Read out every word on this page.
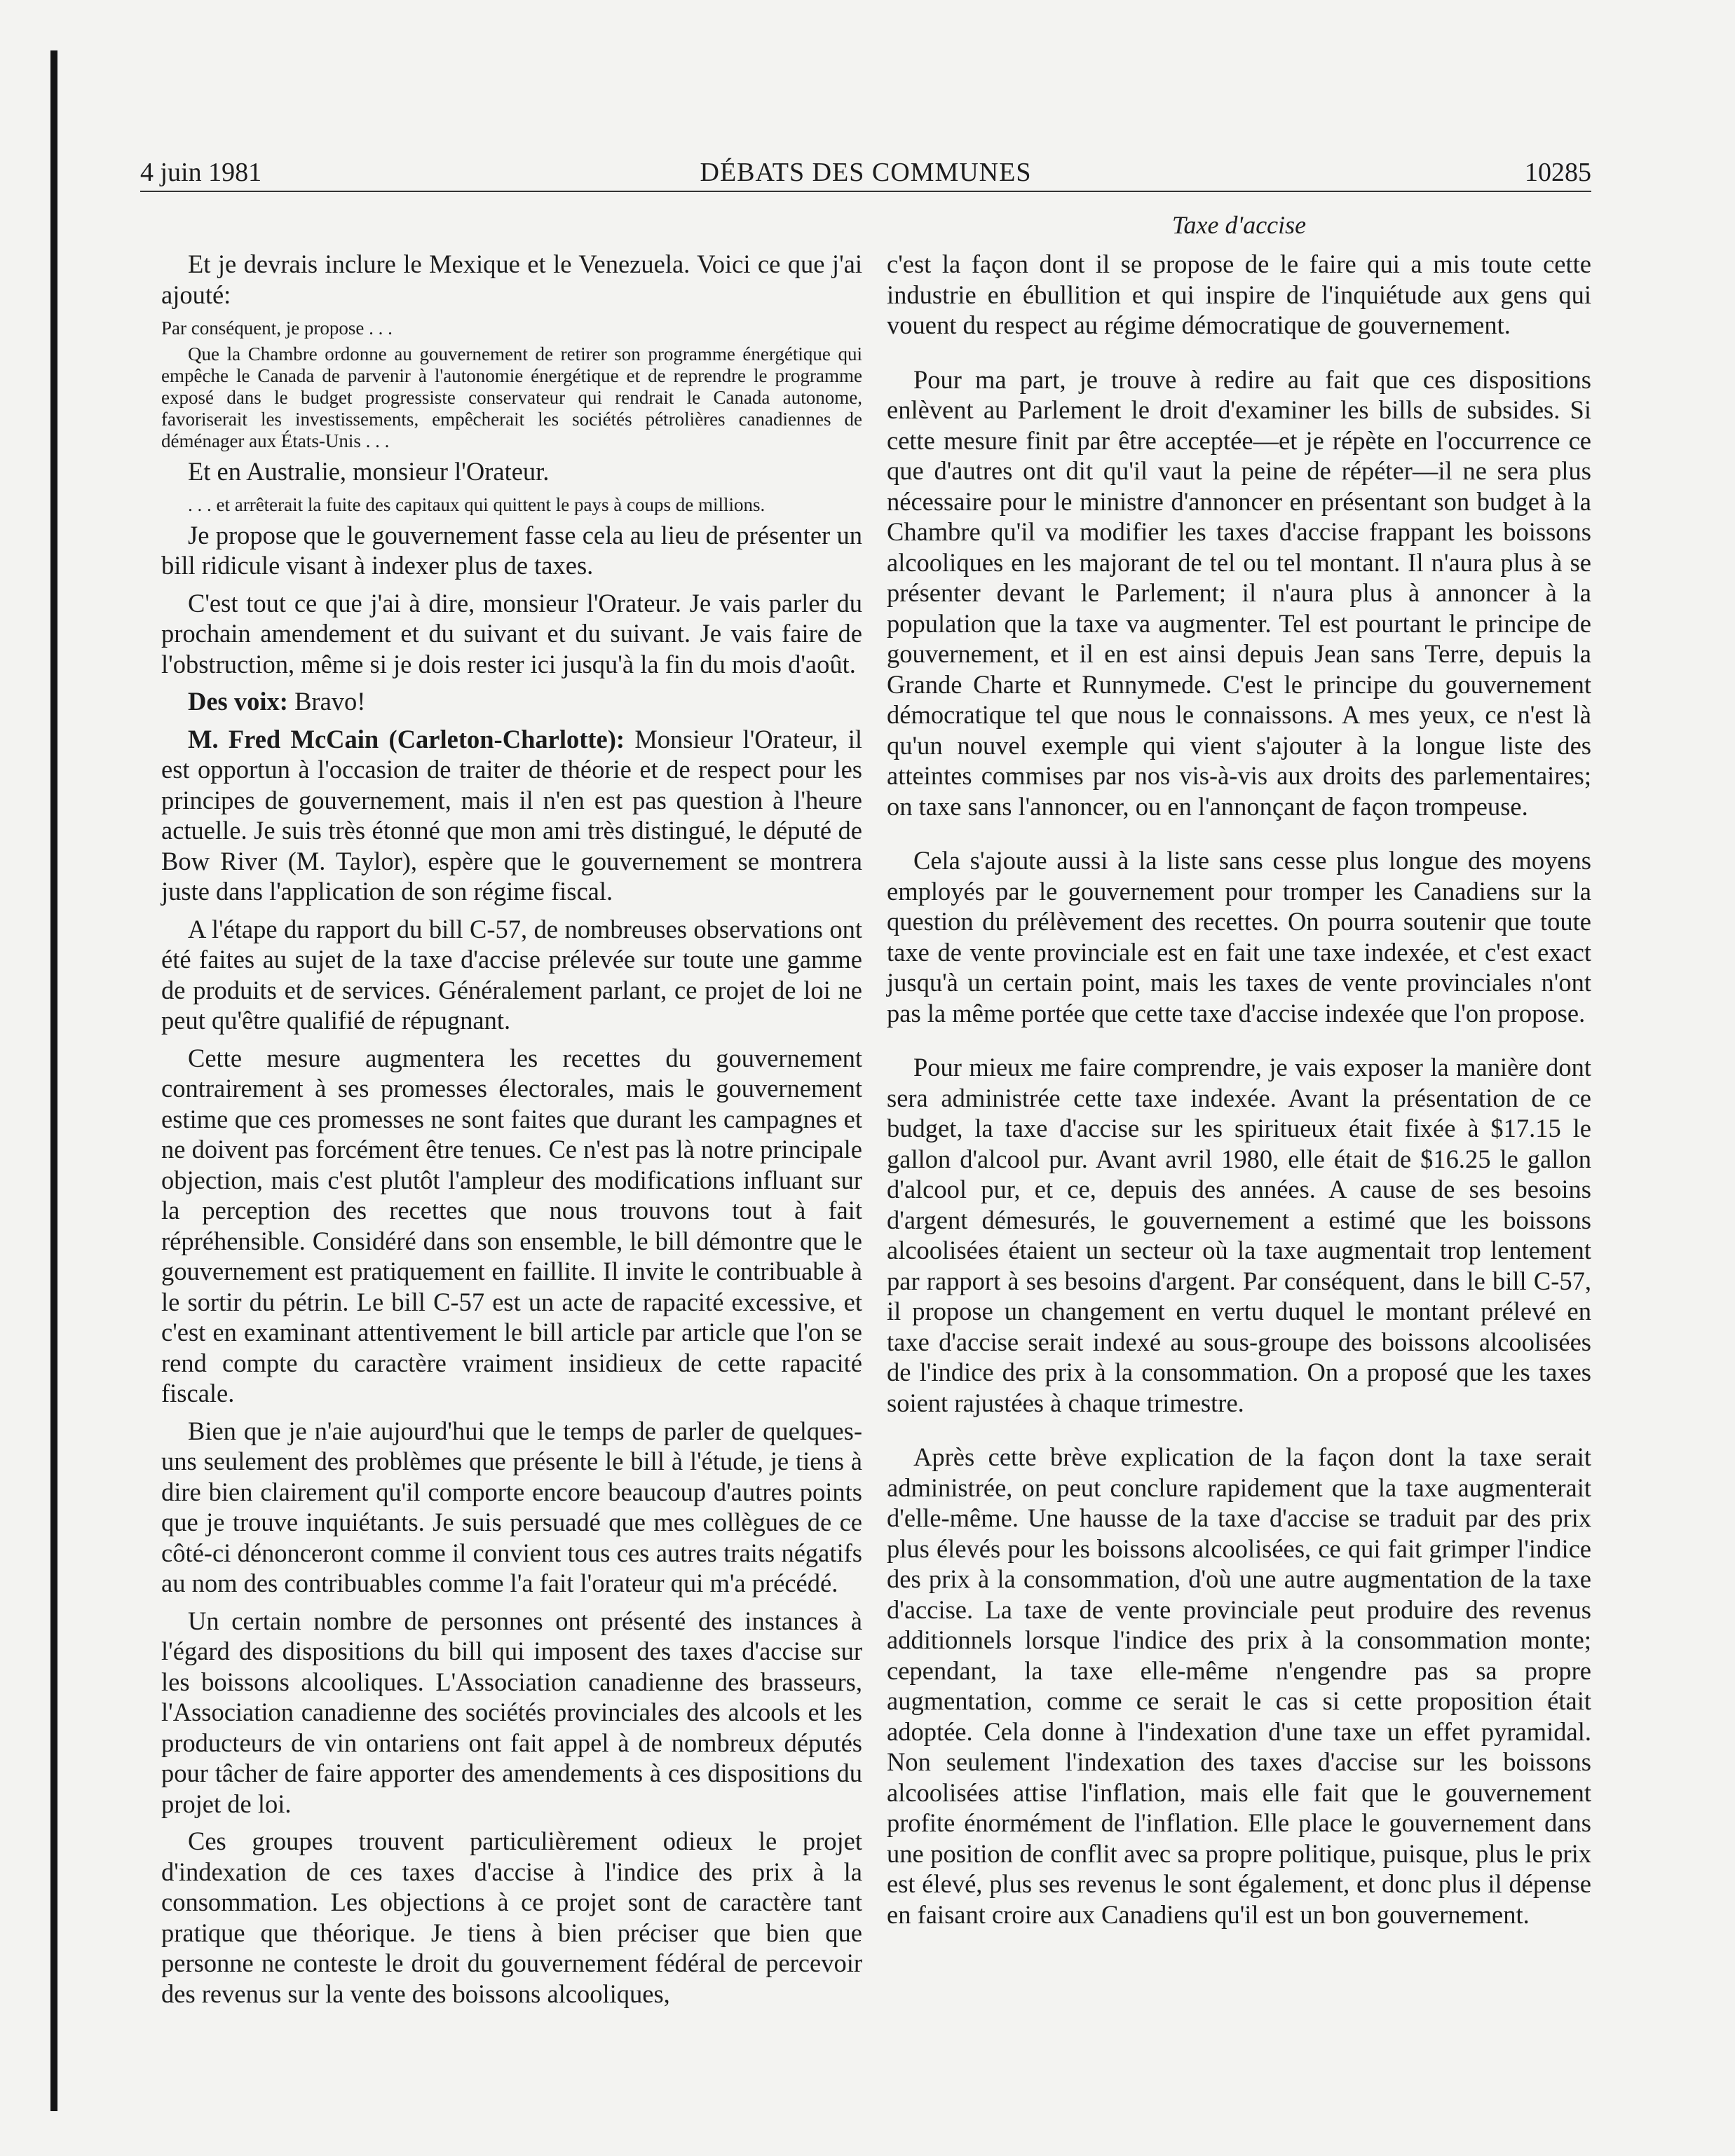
4 juin 1981	DÉBATS DES COMMUNES	10285
Taxe d'accise

Et je devrais inclure le Mexique et le Venezuela. Voici ce que j'ai ajouté:

Par conséquent, je propose . . .

Que la Chambre ordonne au gouvernement de retirer son programme énergétique qui empêche le Canada de parvenir à l'autonomie énergétique et de reprendre le programme exposé dans le budget progressiste conservateur qui rendrait le Canada autonome, favoriserait les investissements, empêcherait les sociétés pétrolières canadiennes de déménager aux États-Unis . . .

Et en Australie, monsieur l'Orateur.

. . . et arrêterait la fuite des capitaux qui quittent le pays à coups de millions.

Je propose que le gouvernement fasse cela au lieu de présenter un bill ridicule visant à indexer plus de taxes.

C'est tout ce que j'ai à dire, monsieur l'Orateur. Je vais parler du prochain amendement et du suivant et du suivant. Je vais faire de l'obstruction, même si je dois rester ici jusqu'à la fin du mois d'août.

Des voix: Bravo!

M. Fred McCain (Carleton-Charlotte): Monsieur l'Orateur, il est opportun à l'occasion de traiter de théorie et de respect pour les principes de gouvernement, mais il n'en est pas question à l'heure actuelle. Je suis très étonné que mon ami très distingué, le député de Bow River (M. Taylor), espère que le gouvernement se montrera juste dans l'application de son régime fiscal.

A l'étape du rapport du bill C-57, de nombreuses observations ont été faites au sujet de la taxe d'accise prélevée sur toute une gamme de produits et de services. Généralement parlant, ce projet de loi ne peut qu'être qualifié de répugnant.

Cette mesure augmentera les recettes du gouvernement contrairement à ses promesses électorales, mais le gouvernement estime que ces promesses ne sont faites que durant les campagnes et ne doivent pas forcément être tenues. Ce n'est pas là notre principale objection, mais c'est plutôt l'ampleur des modifications influant sur la perception des recettes que nous trouvons tout à fait répréhensible. Considéré dans son ensemble, le bill démontre que le gouvernement est pratiquement en faillite. Il invite le contribuable à le sortir du pétrin. Le bill C-57 est un acte de rapacité excessive, et c'est en examinant attentivement le bill article par article que l'on se rend compte du caractère vraiment insidieux de cette rapacité fiscale.

Bien que je n'aie aujourd'hui que le temps de parler de quelques-uns seulement des problèmes que présente le bill à l'étude, je tiens à dire bien clairement qu'il comporte encore beaucoup d'autres points que je trouve inquiétants. Je suis persuadé que mes collègues de ce côté-ci dénonceront comme il convient tous ces autres traits négatifs au nom des contribuables comme l'a fait l'orateur qui m'a précédé.

Un certain nombre de personnes ont présenté des instances à l'égard des dispositions du bill qui imposent des taxes d'accise sur les boissons alcooliques. L'Association canadienne des brasseurs, l'Association canadienne des sociétés provinciales des alcools et les producteurs de vin ontariens ont fait appel à de nombreux députés pour tâcher de faire apporter des amendements à ces dispositions du projet de loi.

Ces groupes trouvent particulièrement odieux le projet d'indexation de ces taxes d'accise à l'indice des prix à la consommation. Les objections à ce projet sont de caractère tant pratique que théorique. Je tiens à bien préciser que bien que personne ne conteste le droit du gouvernement fédéral de percevoir des revenus sur la vente des boissons alcooliques,

c'est la façon dont il se propose de le faire qui a mis toute cette industrie en ébullition et qui inspire de l'inquiétude aux gens qui vouent du respect au régime démocratique de gouvernement.

Pour ma part, je trouve à redire au fait que ces dispositions enlèvent au Parlement le droit d'examiner les bills de subsides. Si cette mesure finit par être acceptée—et je répète en l'occurrence ce que d'autres ont dit qu'il vaut la peine de répéter—il ne sera plus nécessaire pour le ministre d'annoncer en présentant son budget à la Chambre qu'il va modifier les taxes d'accise frappant les boissons alcooliques en les majorant de tel ou tel montant. Il n'aura plus à se présenter devant le Parlement; il n'aura plus à annoncer à la population que la taxe va augmenter. Tel est pourtant le principe de gouvernement, et il en est ainsi depuis Jean sans Terre, depuis la Grande Charte et Runnymede. C'est le principe du gouvernement démocratique tel que nous le connaissons. A mes yeux, ce n'est là qu'un nouvel exemple qui vient s'ajouter à la longue liste des atteintes commises par nos vis-à-vis aux droits des parlementaires; on taxe sans l'annoncer, ou en l'annonçant de façon trompeuse.

Cela s'ajoute aussi à la liste sans cesse plus longue des moyens employés par le gouvernement pour tromper les Canadiens sur la question du prélèvement des recettes. On pourra soutenir que toute taxe de vente provinciale est en fait une taxe indexée, et c'est exact jusqu'à un certain point, mais les taxes de vente provinciales n'ont pas la même portée que cette taxe d'accise indexée que l'on propose.

Pour mieux me faire comprendre, je vais exposer la manière dont sera administrée cette taxe indexée. Avant la présentation de ce budget, la taxe d'accise sur les spiritueux était fixée à $17.15 le gallon d'alcool pur. Avant avril 1980, elle était de $16.25 le gallon d'alcool pur, et ce, depuis des années. A cause de ses besoins d'argent démesurés, le gouvernement a estimé que les boissons alcoolisées étaient un secteur où la taxe augmentait trop lentement par rapport à ses besoins d'argent. Par conséquent, dans le bill C-57, il propose un changement en vertu duquel le montant prélevé en taxe d'accise serait indexé au sous-groupe des boissons alcoolisées de l'indice des prix à la consommation. On a proposé que les taxes soient rajustées à chaque trimestre.

Après cette brève explication de la façon dont la taxe serait administrée, on peut conclure rapidement que la taxe augmenterait d'elle-même. Une hausse de la taxe d'accise se traduit par des prix plus élevés pour les boissons alcoolisées, ce qui fait grimper l'indice des prix à la consommation, d'où une autre augmentation de la taxe d'accise. La taxe de vente provinciale peut produire des revenus additionnels lorsque l'indice des prix à la consommation monte; cependant, la taxe elle-même n'engendre pas sa propre augmentation, comme ce serait le cas si cette proposition était adoptée. Cela donne à l'indexation d'une taxe un effet pyramidal. Non seulement l'indexation des taxes d'accise sur les boissons alcoolisées attise l'inflation, mais elle fait que le gouvernement profite énormément de l'inflation. Elle place le gouvernement dans une position de conflit avec sa propre politique, puisque, plus le prix est élevé, plus ses revenus le sont également, et donc plus il dépense en faisant croire aux Canadiens qu'il est un bon gouvernement.
